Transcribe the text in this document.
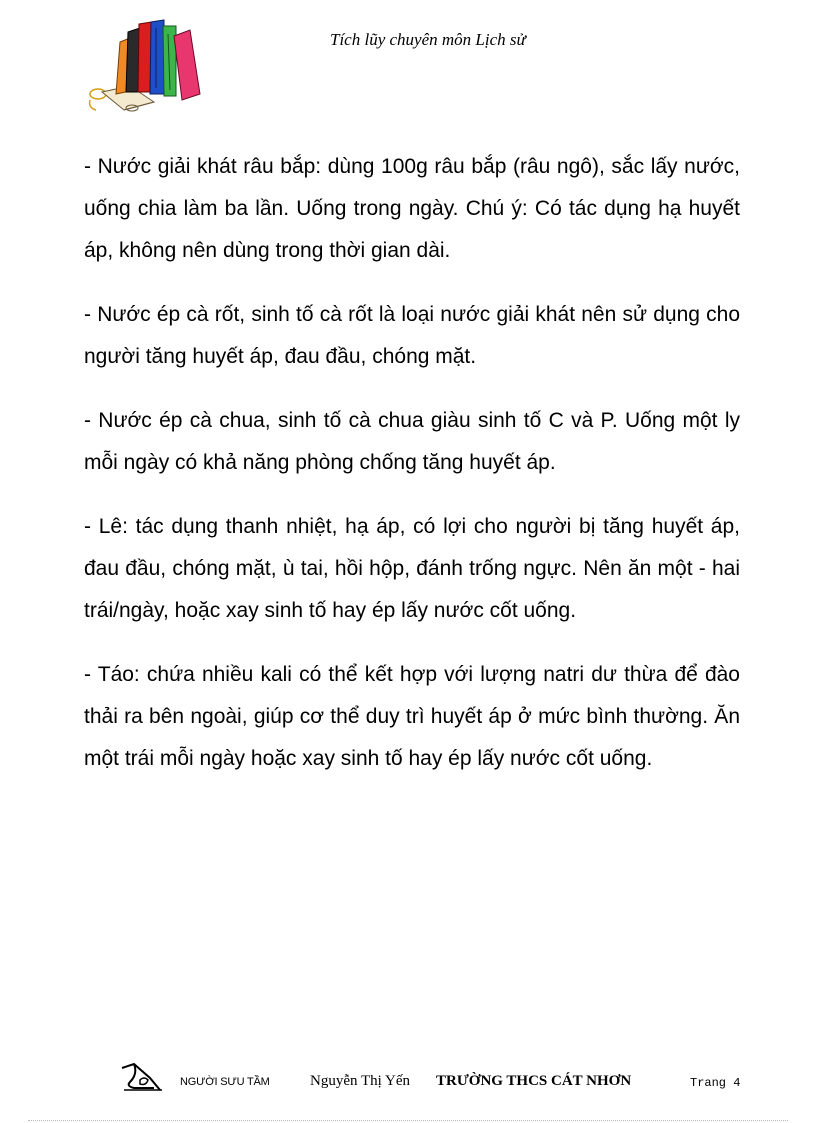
Tích lũy chuyên môn Lịch sử

- Nước giải khát râu bắp: dùng 100g râu bắp (râu ngô), sắc lấy nước, uống chia làm ba lần. Uống trong ngày. Chú ý: Có tác dụng hạ huyết áp, không nên dùng trong thời gian dài.

- Nước ép cà rốt, sinh tố cà rốt là loại nước giải khát nên sử dụng cho người tăng huyết áp, đau đầu, chóng mặt.

- Nước ép cà chua, sinh tố cà chua giàu sinh tố C và P. Uống một ly mỗi ngày có khả năng phòng chống tăng huyết áp.

- Lê: tác dụng thanh nhiệt, hạ áp, có lợi cho người bị tăng huyết áp, đau đầu, chóng mặt, ù tai, hồi hộp, đánh trống ngực. Nên ăn một - hai trái/ngày, hoặc xay sinh tố hay ép lấy nước cốt uống.

- Táo: chứa nhiều kali có thể kết hợp với lượng natri dư thừa để đào thải ra bên ngoài, giúp cơ thể duy trì huyết áp ở mức bình thường. Ăn một trái mỗi ngày hoặc xay sinh tố hay ép lấy nước cốt uống.

NGƯỜI SƯU TẦM	Nguyễn Thị Yến TRƯỜNG THCS CÁT NHƠN	Trang 4
